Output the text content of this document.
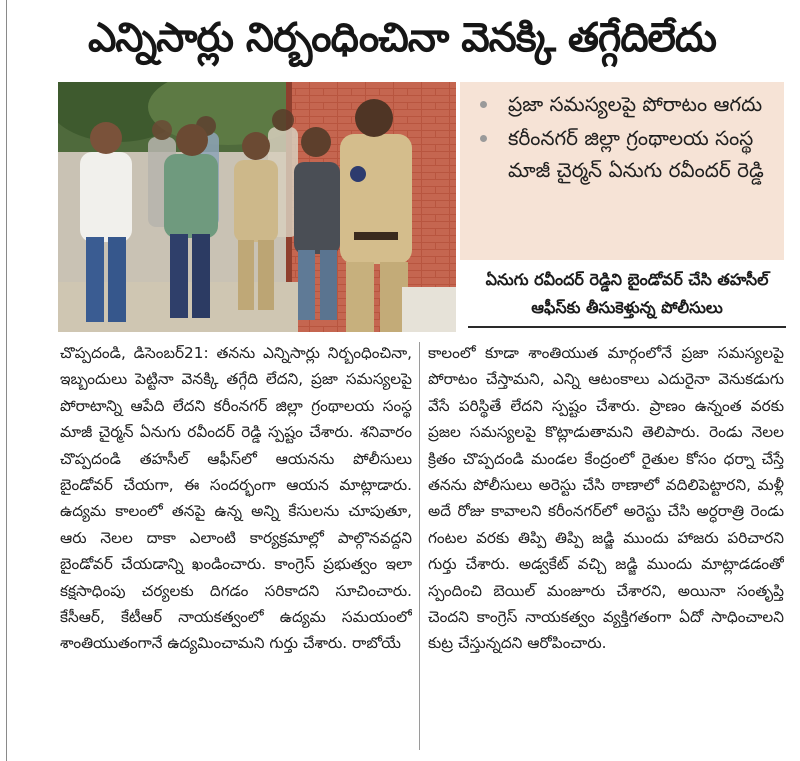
ఎన్నిసార్లు నిర్బంధించినా వెనక్కి తగ్గేదిలేదు
ప్రజా సమస్యలపై పోరాటం ఆగదు
కరీంనగర్ జిల్లా గ్రంథాలయ సంస్థ మాజీ చైర్మన్ ఏనుగు రవీందర్ రెడ్డి

ఏనుగు రవీందర్ రెడ్డిని బైండోవర్ చేసి తహసీల్ ఆఫీస్‌కు తీసుకెళ్తున్న పోలీసులు

చొప్పదండి, డిసెంబర్21: తనను ఎన్నిసార్లు నిర్బంధించినా, ఇబ్బందులు పెట్టినా వెనక్కి తగ్గేది లేదని, ప్రజా సమస్యలపై పోరాటాన్ని ఆపేది లేదని కరీంనగర్ జిల్లా గ్రంథాలయ సంస్థ మాజీ చైర్మన్ ఏనుగు రవీందర్ రెడ్డి స్పష్టం చేశారు. శనివారం చొప్పదండి తహసీల్ ఆఫీస్‌లో ఆయనను పోలీసులు బైండోవర్ చేయగా, ఈ సందర్భంగా ఆయన మాట్లాడారు. ఉద్యమ కాలంలో తనపై ఉన్న అన్ని కేసులను చూపుతూ, ఆరు నెలల దాకా ఎలాంటి కార్యక్రమాల్లో పాల్గొనవద్దని బైండోవర్ చేయడాన్ని ఖండించారు. కాంగ్రెస్ ప్రభుత్వం ఇలా కక్షసాధింపు చర్యలకు దిగడం సరికాదని సూచించారు. కేసీఆర్, కేటీఆర్ నాయకత్వంలో ఉద్యమ సమయంలో శాంతియుతంగానే ఉద్యమించామని గుర్తు చేశారు. రాబోయే

కాలంలో కూడా శాంతియుత మార్గంలోనే ప్రజా సమస్యలపై పోరాటం చేస్తామని, ఎన్ని ఆటంకాలు ఎదురైనా వెనుకడుగు వేసే పరిస్థితే లేదని స్పష్టం చేశారు. ప్రాణం ఉన్నంత వరకు ప్రజల సమస్యలపై కొట్లాడుతామని తెలిపారు. రెండు నెలల క్రితం చొప్పదండి మండల కేంద్రంలో రైతుల కోసం ధర్నా చేస్తే తనను పోలీసులు అరెస్టు చేసి ఠాణాలో వదిలిపెట్టారని, మళ్లీ అదే రోజు కావాలని కరీంనగర్‌లో అరెస్టు చేసి అర్ధరాత్రి రెండు గంటల వరకు తిప్పి తిప్పి జడ్జి ముందు హాజరు పరిచారని గుర్తు చేశారు. అడ్వకేట్ వచ్చి జడ్జి ముందు మాట్లాడడంతో స్పందించి బెయిల్ మంజూరు చేశారని, అయినా సంతృప్తి చెందని కాంగ్రెస్ నాయకత్వం వ్యక్తిగతంగా ఏదో సాధించాలని కుట్ర చేస్తున్నదని ఆరోపించారు.
